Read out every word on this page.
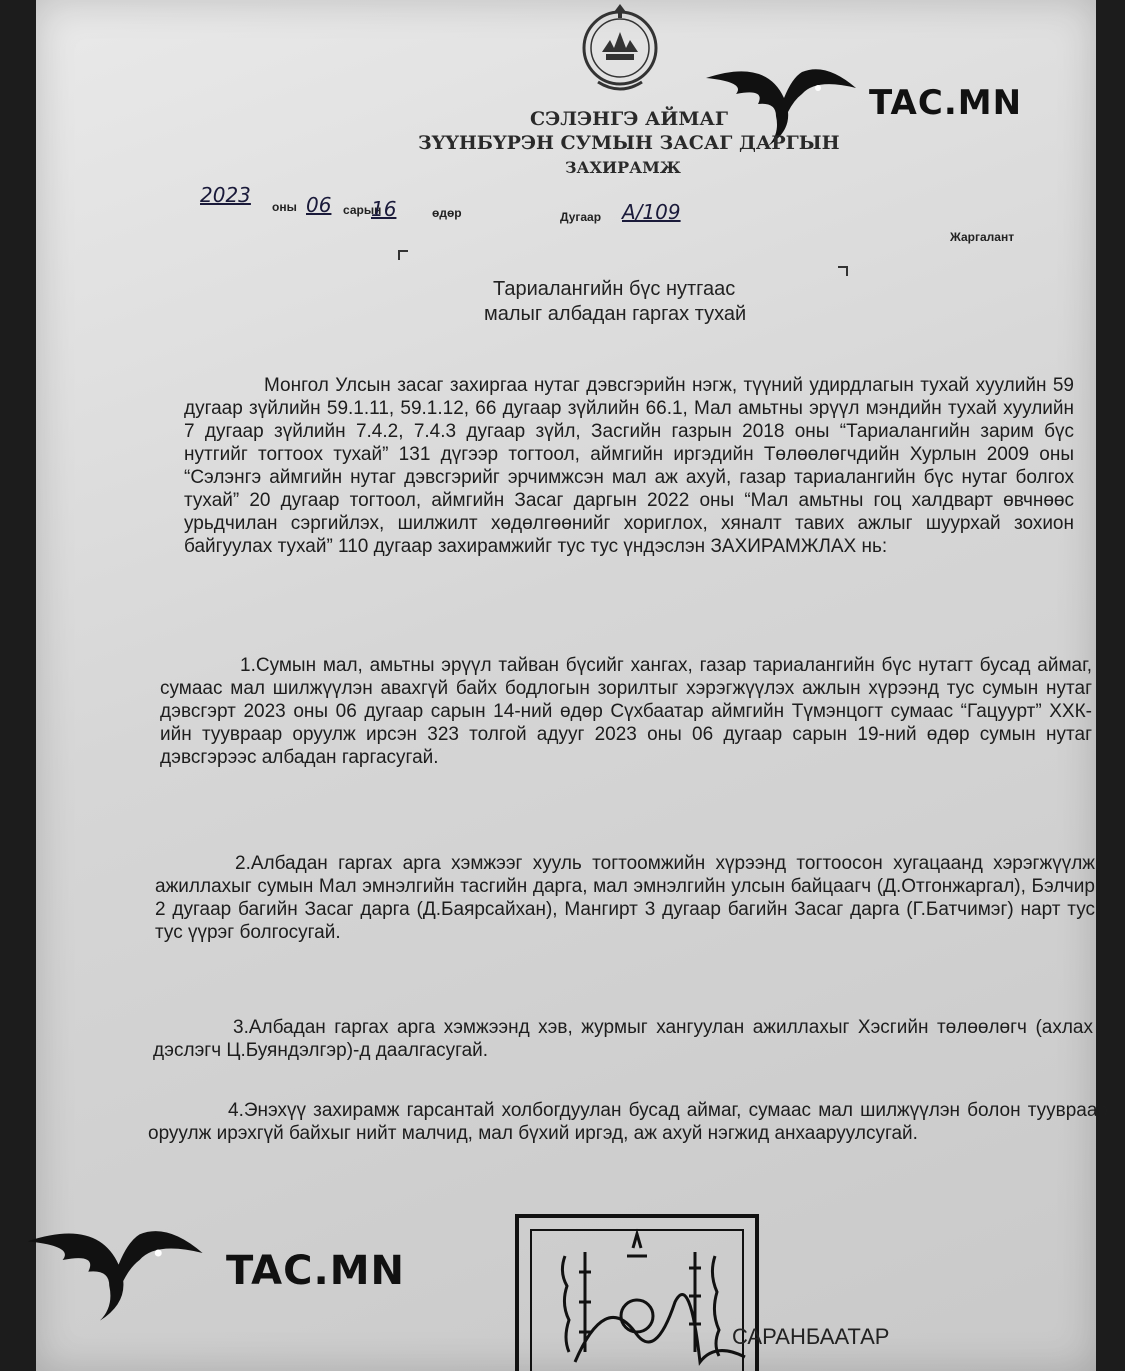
TAC.MN
СЭЛЭНГЭ АЙМАГ
ЗҮҮНБҮРЭН СУМЫН ЗАСАГ ДАРГЫН
ЗАХИРАМЖ
2023 оны 06 сарын
16	өдөр	Дугаар А/109
Жаргалант
Тариалангийн бүс нутгаас
малыг албадан гаргах тухай

Монгол Улсын засаг захиргаа нутаг дэвсгэрийн нэгж, түүний удирдлагын тухай хуулийн 59 дугаар зүйлийн 59.1.11, 59.1.12, 66 дугаар зүйлийн 66.1, Мал амьтны эрүүл мэндийн тухай хуулийн 7 дугаар зүйлийн 7.4.2, 7.4.3 дугаар зүйл, Засгийн газрын 2018 оны “Тариалангийн зарим бүс нутгийг тогтоох тухай” 131 дүгээр тогтоол, аймгийн иргэдийн Төлөөлөгчдийн Хурлын 2009 оны “Сэлэнгэ аймгийн нутаг дэвсгэрийг эрчимжсэн мал аж ахуй, газар тариалангийн бүс нутаг болгох тухай” 20 дугаар тогтоол, аймгийн Засаг даргын 2022 оны “Мал амьтны гоц халдварт өвчнөөс урьдчилан сэргийлэх, шилжилт хөдөлгөөнийг хориглох, хяналт тавих ажлыг шуурхай зохион байгуулах тухай” 110 дугаар захирамжийг тус тус үндэслэн ЗАХИРАМЖЛАХ нь:

1.Сумын мал, амьтны эрүүл тайван бүсийг хангах, газар тариалангийн бүс нутагт бусад аймаг, сумаас мал шилжүүлэн авахгүй байх бодлогын зорилтыг хэрэгжүүлэх ажлын хүрээнд тус сумын нутаг дэвсгэрт 2023 оны 06 дугаар сарын 14-ний өдөр Сүхбаатар аймгийн Түмэнцогт сумаас “Гацуурт” ХХК-ийн туувраар оруулж ирсэн 323 толгой адууг 2023 оны 06 дугаар сарын 19-ний өдөр сумын нутаг дэвсгэрээс албадан гаргасугай.

2.Албадан гаргах арга хэмжээг хууль тогтоомжийн хүрээнд тогтоосон хугацаанд хэрэгжүүлж ажиллахыг сумын Мал эмнэлгийн тасгийн дарга, мал эмнэлгийн улсын байцаагч (Д.Отгонжаргал), Бэлчир 2 дугаар багийн Засаг дарга (Д.Баярсайхан), Мангирт 3 дугаар багийн Засаг дарга (Г.Батчимэг) нарт тус тус үүрэг болгосугай.

3.Албадан гаргах арга хэмжээнд хэв, журмыг хангуулан ажиллахыг Хэсгийн төлөөлөгч (ахлах дэслэгч Ц.Буяндэлгэр)-д даалгасугай.

4.Энэхүү захирамж гарсантай холбогдуулан бусад аймаг, сумаас мал шилжүүлэн болон туувраар оруулж ирэхгүй байхыг нийт малчид, мал бүхий иргэд, аж ахуй нэгжид анхааруулсугай.

САРАНБААТАР
TAC.MN
